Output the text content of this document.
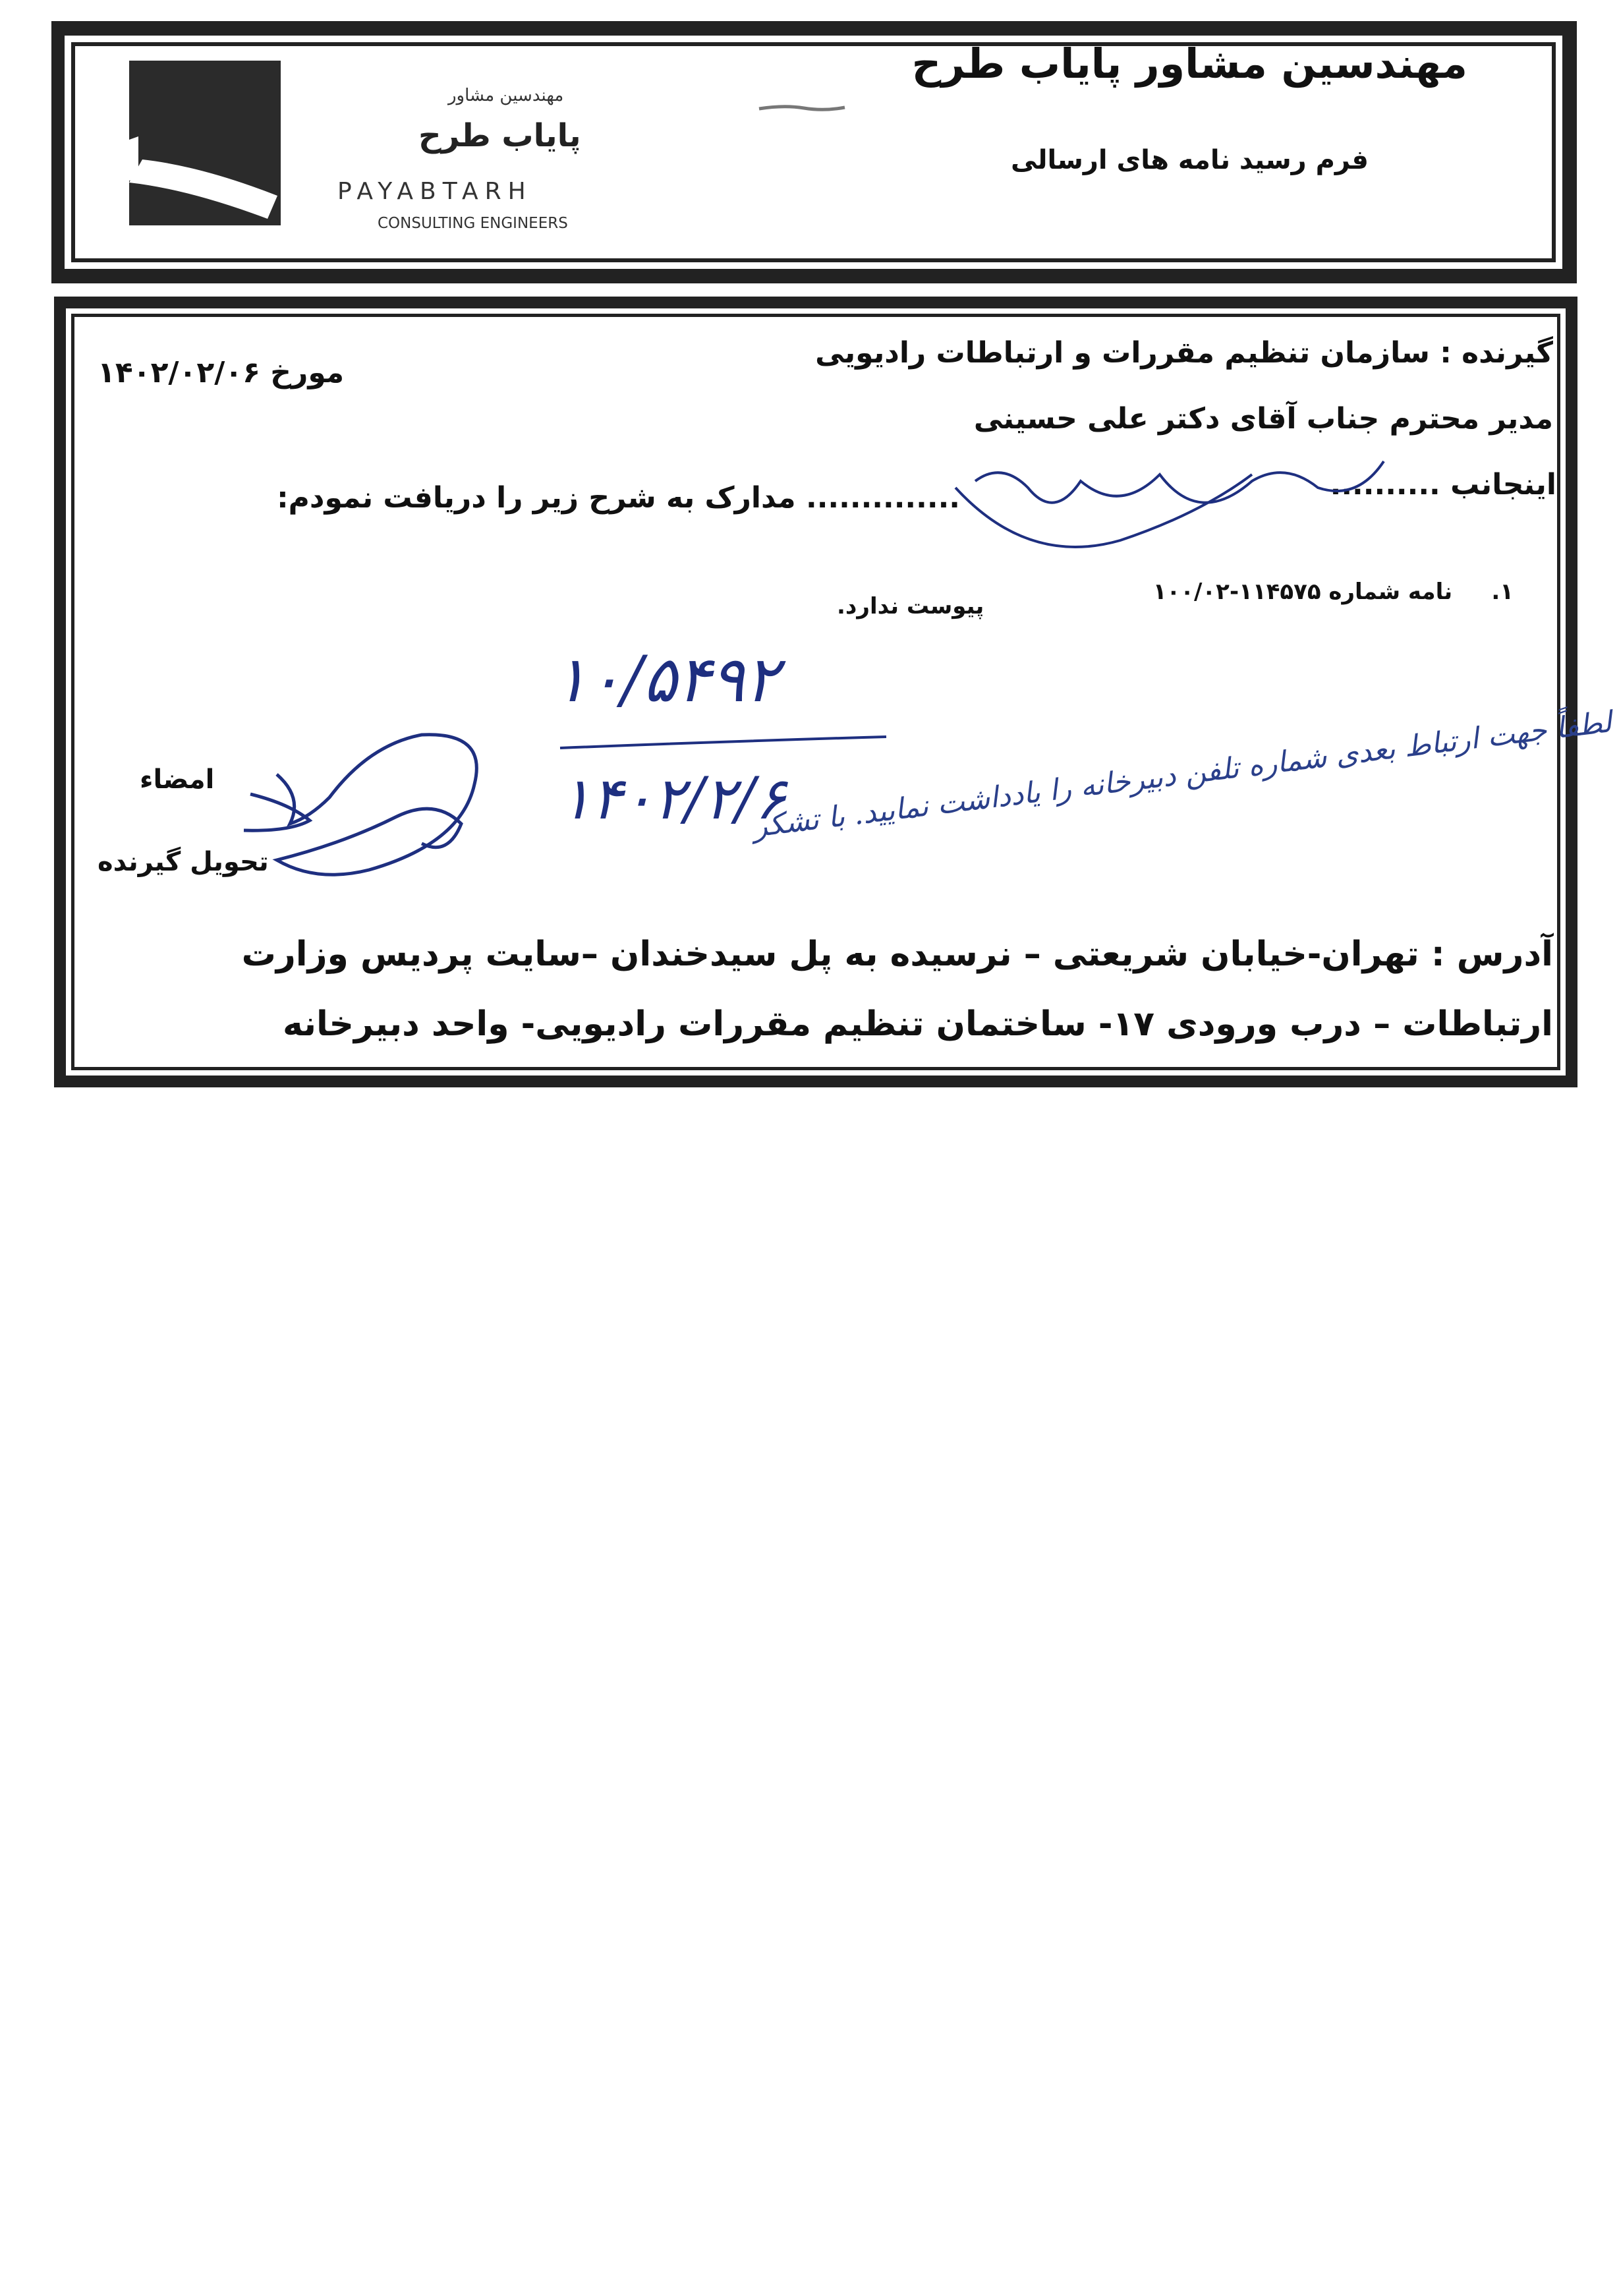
مهندسین مشاور پایاب طرح
فرم رسید نامه های ارسالی
مهندسین مشاور
پایاب طرح
PAYABTARH
CONSULTING ENGINEERS
گیرنده : سازمان تنظیم مقررات و ارتباطات رادیویی
مورخ ۱۴۰۲/۰۲/۰۶
مدیر محترم جناب آقای دکتر علی حسینی
اینجانب ..........
.............. مدارک به شرح زیر را دریافت نمودم:
۱.     نامه شماره ۱۱۴۵۷۵-۱۰۰/۰۲
پیوست ندارد.
امضاء
تحویل گیرنده
آدرس : تهران-خیابان شریعتی – نرسیده به پل سیدخندان –سایت پردیس وزارت ارتباطات – درب ورودی ۱۷- ساختمان تنظیم مقررات رادیویی- واحد دبیرخانه
۱۰/۵۴۹۲
۱۴۰۲/۲/۶
لطفاً جهت ارتباط بعدی شماره تلفن دبیرخانه را یادداشت نمایید. با تشکر
